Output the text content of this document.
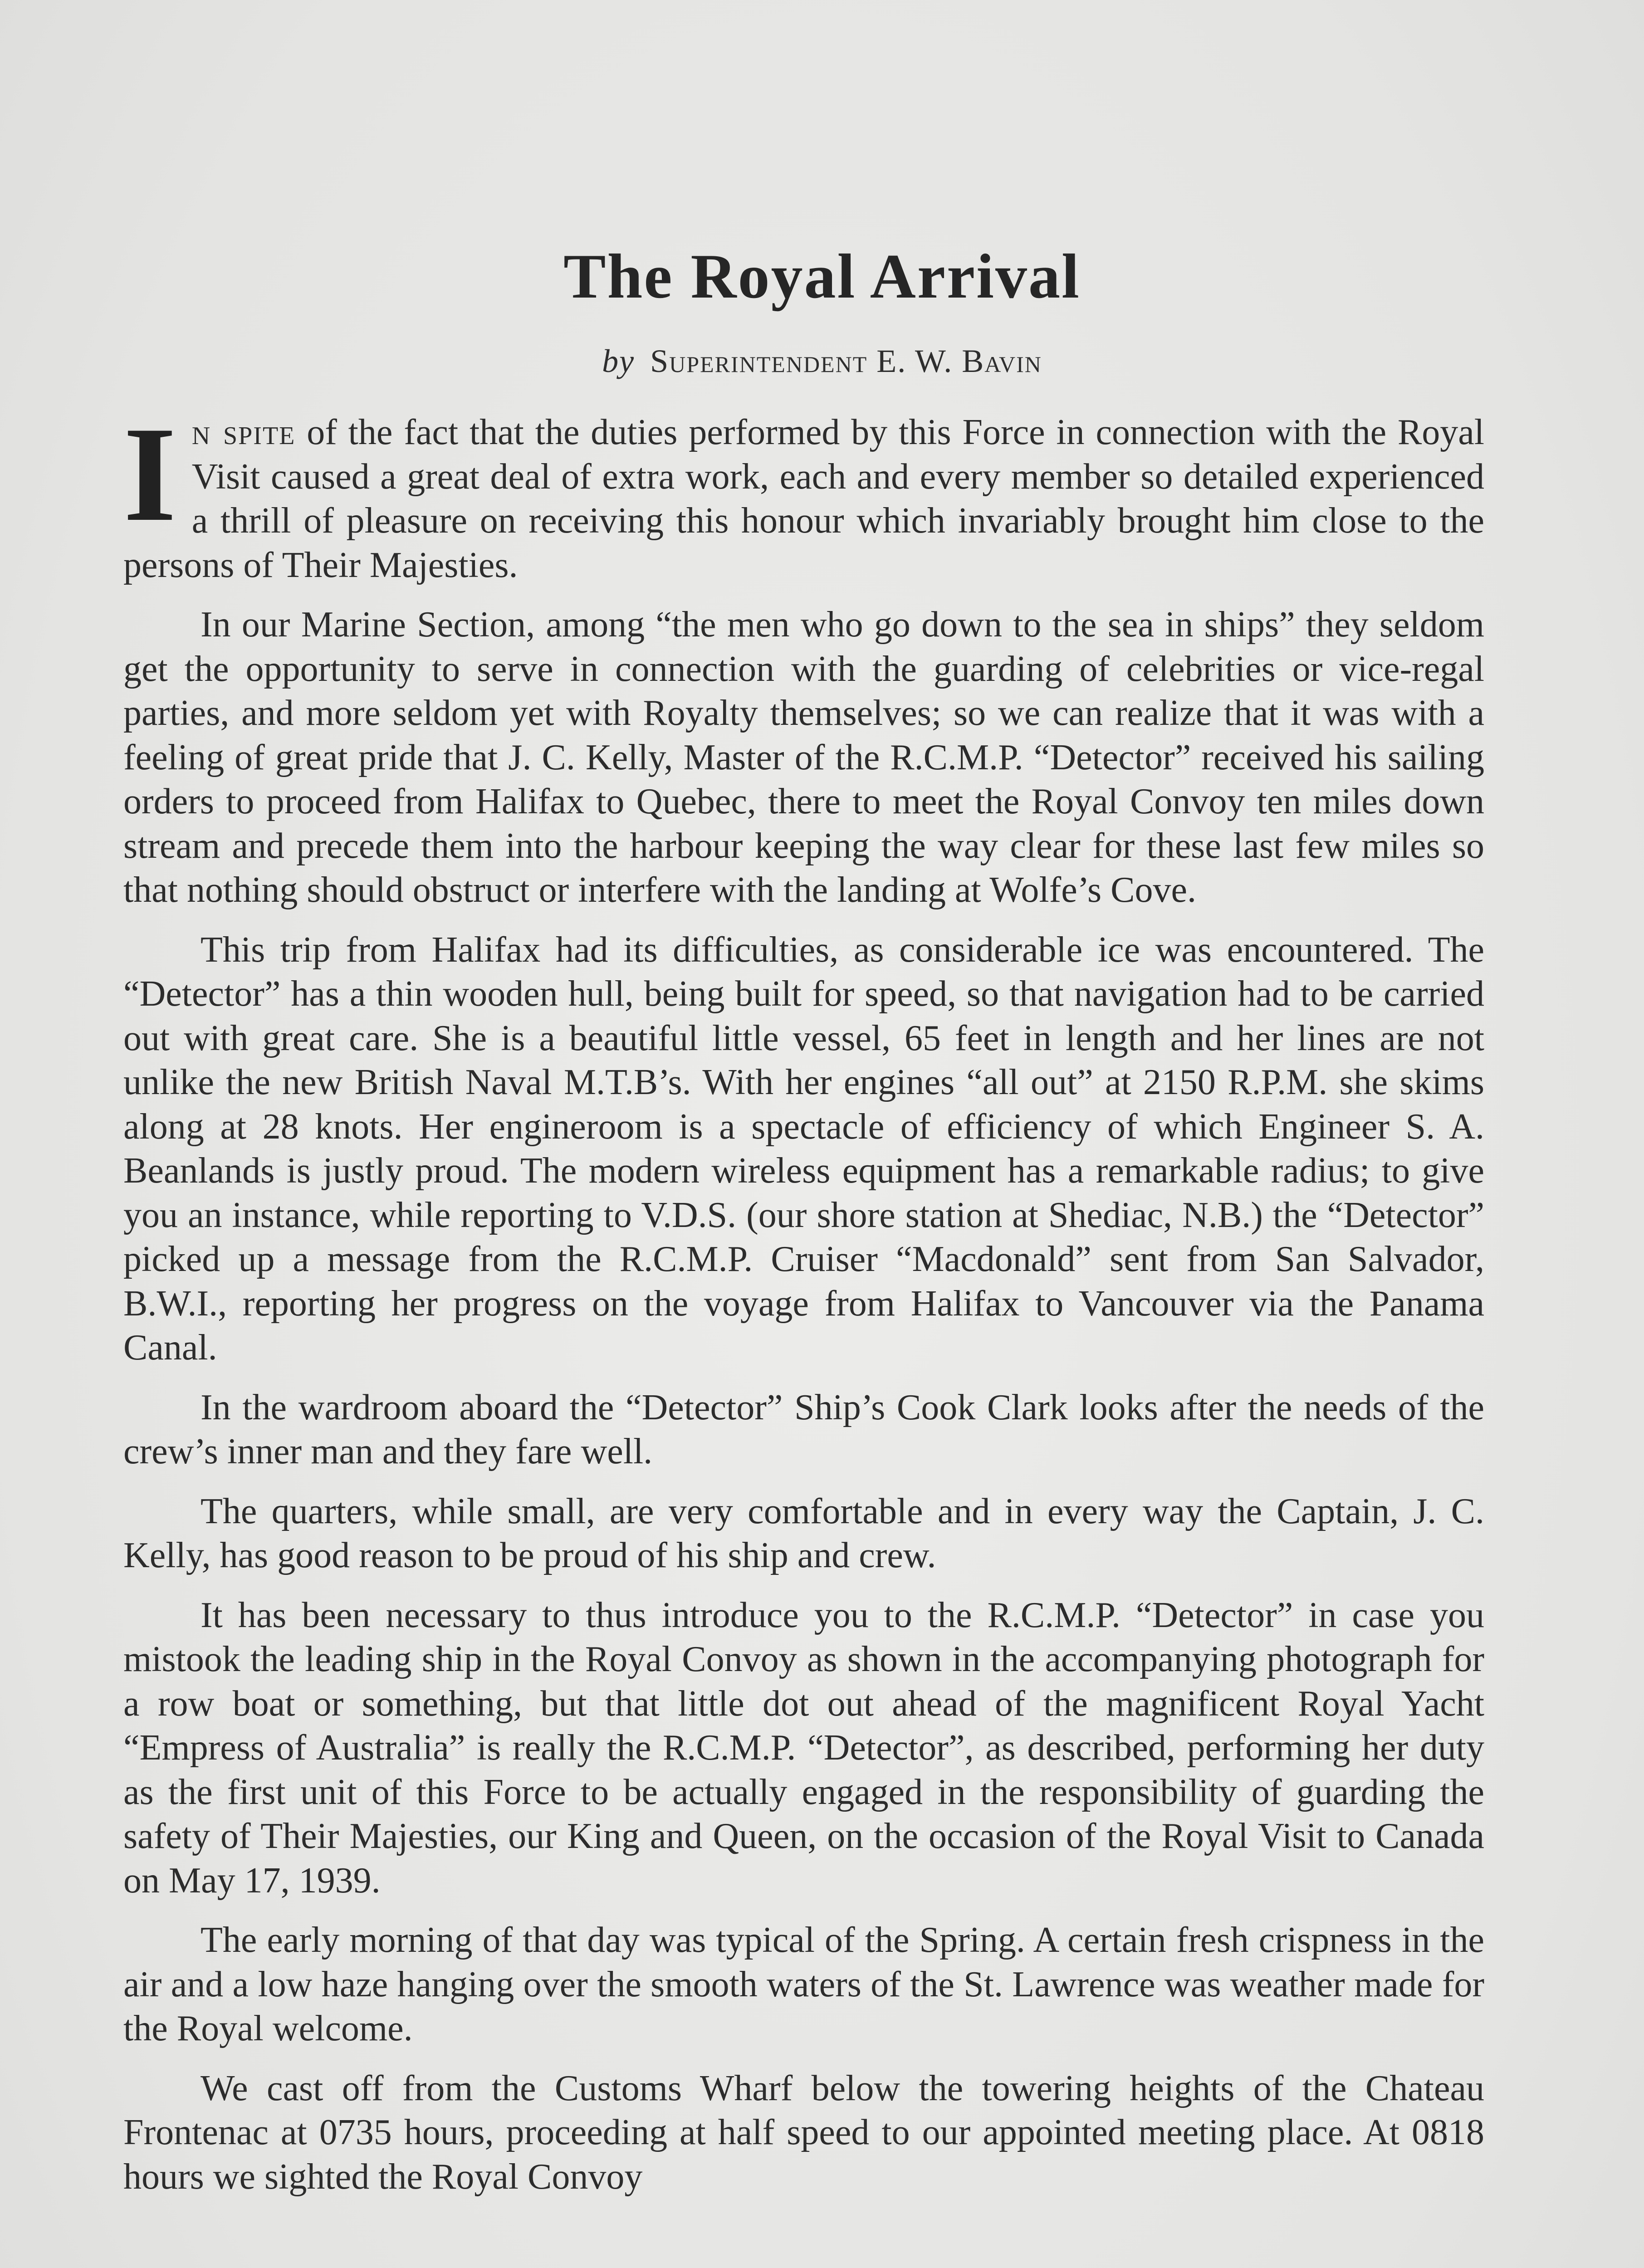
The Royal Arrival
by Superintendent E. W. Bavin

In spite of the fact that the duties performed by this Force in connection with the Royal Visit caused a great deal of extra work, each and every member so detailed experienced a thrill of pleasure on receiving this honour which invariably brought him close to the persons of Their Majesties.

In our Marine Section, among “the men who go down to the sea in ships” they seldom get the opportunity to serve in connection with the guarding of celebrities or vice-regal parties, and more seldom yet with Royalty themselves; so we can realize that it was with a feeling of great pride that J. C. Kelly, Master of the R.C.M.P. “Detector” received his sailing orders to proceed from Halifax to Quebec, there to meet the Royal Convoy ten miles down stream and precede them into the harbour keeping the way clear for these last few miles so that nothing should obstruct or interfere with the landing at Wolfe’s Cove.

This trip from Halifax had its difficulties, as considerable ice was encountered. The “Detector” has a thin wooden hull, being built for speed, so that navigation had to be carried out with great care. She is a beautiful little vessel, 65 feet in length and her lines are not unlike the new British Naval M.T.B’s. With her engines “all out” at 2150 R.P.M. she skims along at 28 knots. Her engineroom is a spectacle of efficiency of which Engineer S. A. Beanlands is justly proud. The modern wireless equipment has a remarkable radius; to give you an instance, while reporting to V.D.S. (our shore station at Shediac, N.B.) the “Detector” picked up a message from the R.C.M.P. Cruiser “Macdonald” sent from San Salvador, B.W.I., reporting her progress on the voyage from Halifax to Vancouver via the Panama Canal.

In the wardroom aboard the “Detector” Ship’s Cook Clark looks after the needs of the crew’s inner man and they fare well.

The quarters, while small, are very comfortable and in every way the Captain, J. C. Kelly, has good reason to be proud of his ship and crew.

It has been necessary to thus introduce you to the R.C.M.P. “Detector” in case you mistook the leading ship in the Royal Convoy as shown in the accompanying photograph for a row boat or something, but that little dot out ahead of the magnificent Royal Yacht “Empress of Australia” is really the R.C.M.P. “Detector”, as described, performing her duty as the first unit of this Force to be actually engaged in the responsibility of guarding the safety of Their Majesties, our King and Queen, on the occasion of the Royal Visit to Canada on May 17, 1939.

The early morning of that day was typical of the Spring. A certain fresh crispness in the air and a low haze hanging over the smooth waters of the St. Lawrence was weather made for the Royal welcome.

We cast off from the Customs Wharf below the towering heights of the Chateau Frontenac at 0735 hours, proceeding at half speed to our appointed meeting place. At 0818 hours we sighted the Royal Convoy
